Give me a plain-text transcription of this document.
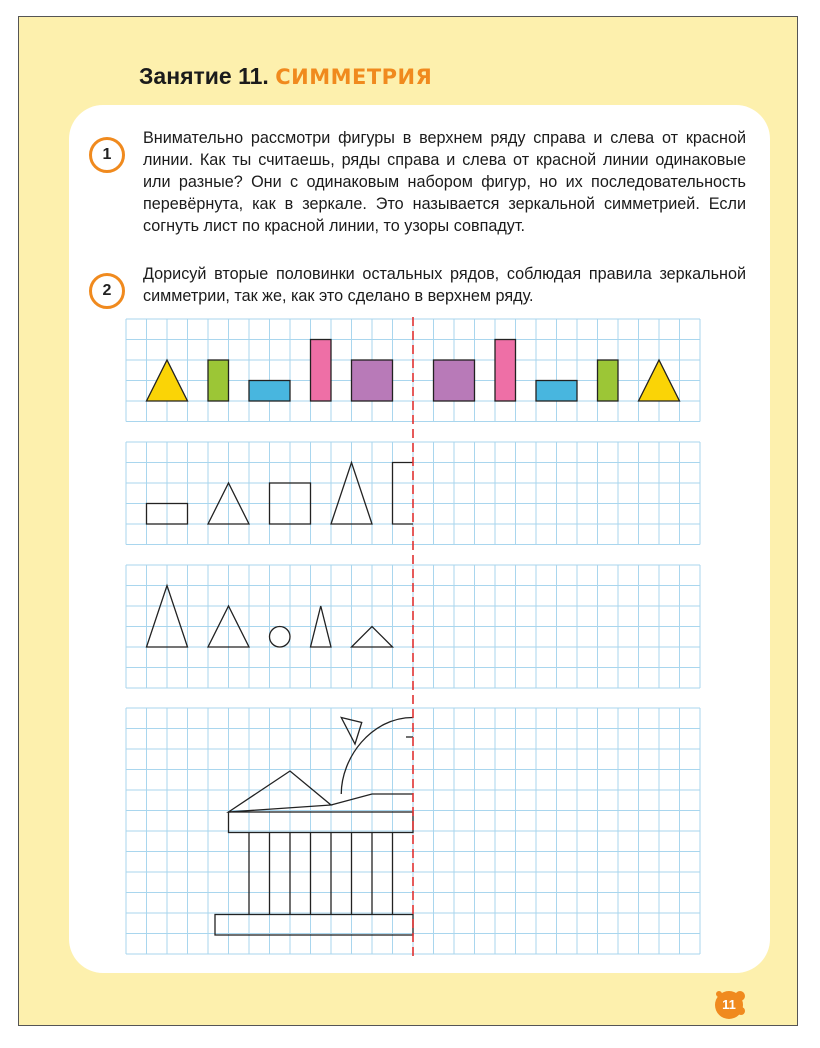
Занятие 11. СИММЕТРИЯ
1

Внимательно рассмотри фигуры в верхнем ряду справа и слева от красной линии. Как ты считаешь, ряды справа и слева от красной линии одинаковые или разные? Они с одинаковым набором фигур, но их последовательность перевёрнута, как в зеркале. Это называется зеркальной симметрией. Если согнуть лист по красной линии, то узоры совпадут.

2

Дорисуй вторые половинки остальных рядов, соблюдая правила зеркальной симметрии, так же, как это сделано в верхнем ряду.

11
